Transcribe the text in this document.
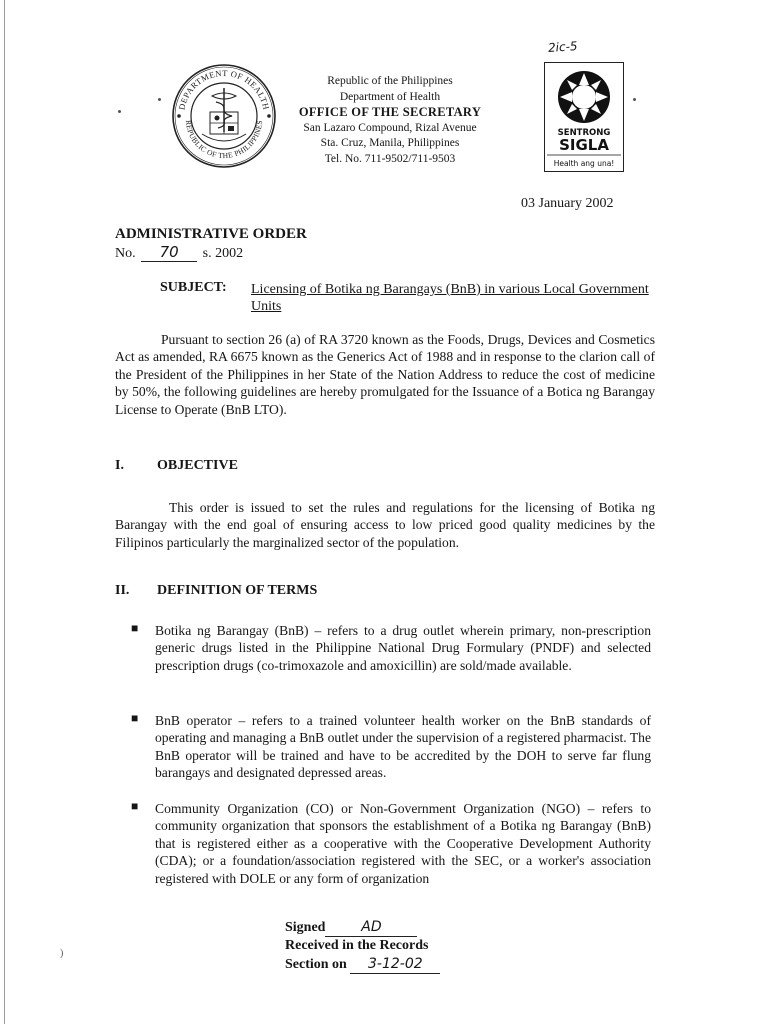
2ic-5
DEPARTMENT OF HEALTH
REPUBLIC OF THE PHILIPPINES
Republic of the Philippines
Department of Health
OFFICE OF THE SECRETARY
San Lazaro Compound, Rizal Avenue
Sta. Cruz, Manila, Philippines
Tel. No. 711-9502/711-9503
SENTRONG
SIGLA
Health ang una!
03 January 2002
ADMINISTRATIVE ORDER
No. 70 s. 2002
SUBJECT: Licensing of Botika ng Barangays (BnB) in various Local Government Units
Pursuant to section 26 (a) of RA 3720 known as the Foods, Drugs, Devices and Cosmetics Act as amended, RA 6675 known as the Generics Act of 1988 and in response to the clarion call of the President of the Philippines in her State of the Nation Address to reduce the cost of medicine by 50%, the following guidelines are hereby promulgated for the Issuance of a Botica ng Barangay License to Operate (BnB LTO).
I. OBJECTIVE
This order is issued to set the rules and regulations for the licensing of Botika ng Barangay with the end goal of ensuring access to low priced good quality medicines by the Filipinos particularly the marginalized sector of the population.
II. DEFINITION OF TERMS
■ Botika ng Barangay (BnB) – refers to a drug outlet wherein primary, non-prescription generic drugs listed in the Philippine National Drug Formulary (PNDF) and selected prescription drugs (co-trimoxazole and amoxicillin) are sold/made available.
■ BnB operator – refers to a trained volunteer health worker on the BnB standards of operating and managing a BnB outlet under the supervision of a registered pharmacist. The BnB operator will be trained and have to be accredited by the DOH to serve far flung barangays and designated depressed areas.
■ Community Organization (CO) or Non-Government Organization (NGO) – refers to community organization that sponsors the establishment of a Botika ng Barangay (BnB) that is registered either as a cooperative with the Cooperative Development Authority (CDA); or a foundation/association registered with the SEC, or a worker's association registered with DOLE or any form of organization
Signed	AD
Received in the Records
Section on 3-12-02
)
